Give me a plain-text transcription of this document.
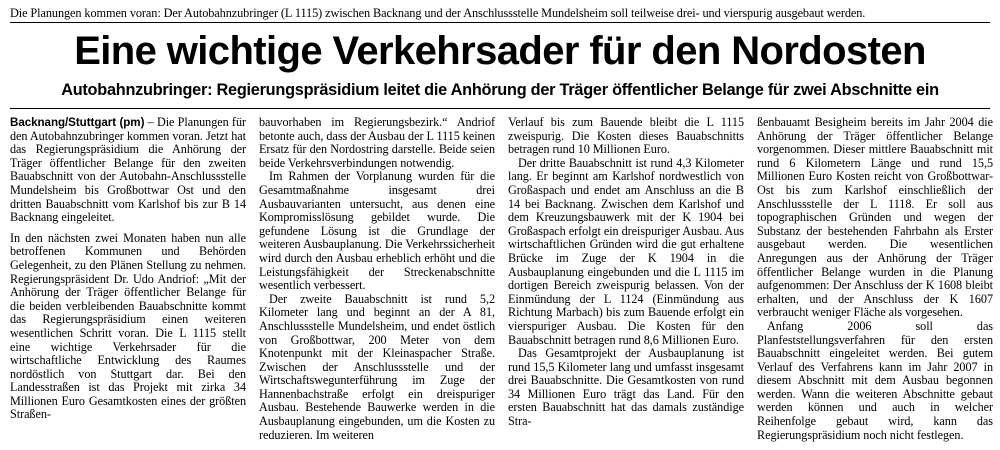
Die Planungen kommen voran: Der Autobahnzubringer (L 1115) zwischen Backnang und der Anschlussstelle Mundelsheim soll teilweise drei- und vierspurig ausgebaut werden.
Eine wichtige Verkehrsader für den Nordosten
Autobahnzubringer: Regierungspräsidium leitet die Anhörung der Träger öffentlicher Belange für zwei Abschnitte ein

Backnang/Stuttgart (pm) – Die Planungen für den Autobahnzubringer kommen voran. Jetzt hat das Regierungspräsidium die Anhörung der Träger öffentlicher Belange für den zweiten Bauabschnitt von der Autobahn-Anschlussstelle Mundelsheim bis Großbottwar Ost und den dritten Bauabschnitt vom Karlshof bis zur B 14 Backnang eingeleitet.

In den nächsten zwei Monaten haben nun alle betroffenen Kommunen und Behörden Gelegenheit, zu den Plänen Stellung zu nehmen. Regierungspräsident Dr. Udo Andriof: „Mit der Anhörung der Träger öffentlicher Belange für die beiden verbleibenden Bauabschnitte kommt das Regierungspräsidium einen weiteren wesentlichen Schritt voran. Die L 1115 stellt eine wichtige Verkehrsader für die wirtschaftliche Entwicklung des Raumes nordöstlich von Stuttgart dar. Bei den Landesstraßen ist das Projekt mit zirka 34 Millionen Euro Gesamtkosten eines der größten Straßen-

bauvorhaben im Regierungsbezirk.“ Andriof betonte auch, dass der Ausbau der L 1115 keinen Ersatz für den Nordostring darstelle. Beide seien beide Verkehrsverbindungen notwendig.

Im Rahmen der Vorplanung wurden für die Gesamtmaßnahme insgesamt drei Ausbauvarianten untersucht, aus denen eine Kompromisslösung gebildet wurde. Die gefundene Lösung ist die Grundlage der weiteren Ausbauplanung. Die Verkehrssicherheit wird durch den Ausbau erheblich erhöht und die Leistungsfähigkeit der Streckenabschnitte wesentlich verbessert.

Der zweite Bauabschnitt ist rund 5,2 Kilometer lang und beginnt an der A 81, Anschlussstelle Mundelsheim, und endet östlich von Großbottwar, 200 Meter von dem Knotenpunkt mit der Kleinaspacher Straße. Zwischen der Anschlussstelle und der Wirtschaftswegunterführung im Zuge der Hannenbachstraße erfolgt ein dreispuriger Ausbau. Bestehende Bauwerke werden in die Ausbauplanung eingebunden, um die Kosten zu reduzieren. Im weiteren

Verlauf bis zum Bauende bleibt die L 1115 zweispurig. Die Kosten dieses Bauabschnitts betragen rund 10 Millionen Euro.

Der dritte Bauabschnitt ist rund 4,3 Kilometer lang. Er beginnt am Karlshof nordwestlich von Großaspach und endet am Anschluss an die B 14 bei Backnang. Zwischen dem Karlshof und dem Kreuzungsbauwerk mit der K 1904 bei Großaspach erfolgt ein dreispuriger Ausbau. Aus wirtschaftlichen Gründen wird die gut erhaltene Brücke im Zuge der K 1904 in die Ausbauplanung eingebunden und die L 1115 im dortigen Bereich zweispurig belassen. Von der Einmündung der L 1124 (Einmündung aus Richtung Marbach) bis zum Bauende erfolgt ein vierspuriger Ausbau. Die Kosten für den Bauabschnitt betragen rund 8,6 Millionen Euro.

Das Gesamtprojekt der Ausbauplanung ist rund 15,5 Kilometer lang und umfasst insgesamt drei Bauabschnitte. Die Gesamtkosten von rund 34 Millionen Euro trägt das Land. Für den ersten Bauabschnitt hat das damals zuständige Stra-

ßenbauamt Besigheim bereits im Jahr 2004 die Anhörung der Träger öffentlicher Belange vorgenommen. Dieser mittlere Bauabschnitt mit rund 6 Kilometern Länge und rund 15,5 Millionen Euro Kosten reicht von Großbottwar-Ost bis zum Karlshof einschließlich der Anschlussstelle der L 1118. Er soll aus topographischen Gründen und wegen der Substanz der bestehenden Fahrbahn als Erster ausgebaut werden. Die wesentlichen Anregungen aus der Anhörung der Träger öffentlicher Belange wurden in die Planung aufgenommen: Der Anschluss der K 1608 bleibt erhalten, und der Anschluss der K 1607 verbraucht weniger Fläche als vorgesehen.

Anfang 2006 soll das Planfeststellungsverfahren für den ersten Bauabschnitt eingeleitet werden. Bei gutem Verlauf des Verfahrens kann im Jahr 2007 in diesem Abschnitt mit dem Ausbau begonnen werden. Wann die weiteren Abschnitte gebaut werden können und auch in welcher Reihenfolge gebaut wird, kann das Regierungspräsidium noch nicht festlegen.
